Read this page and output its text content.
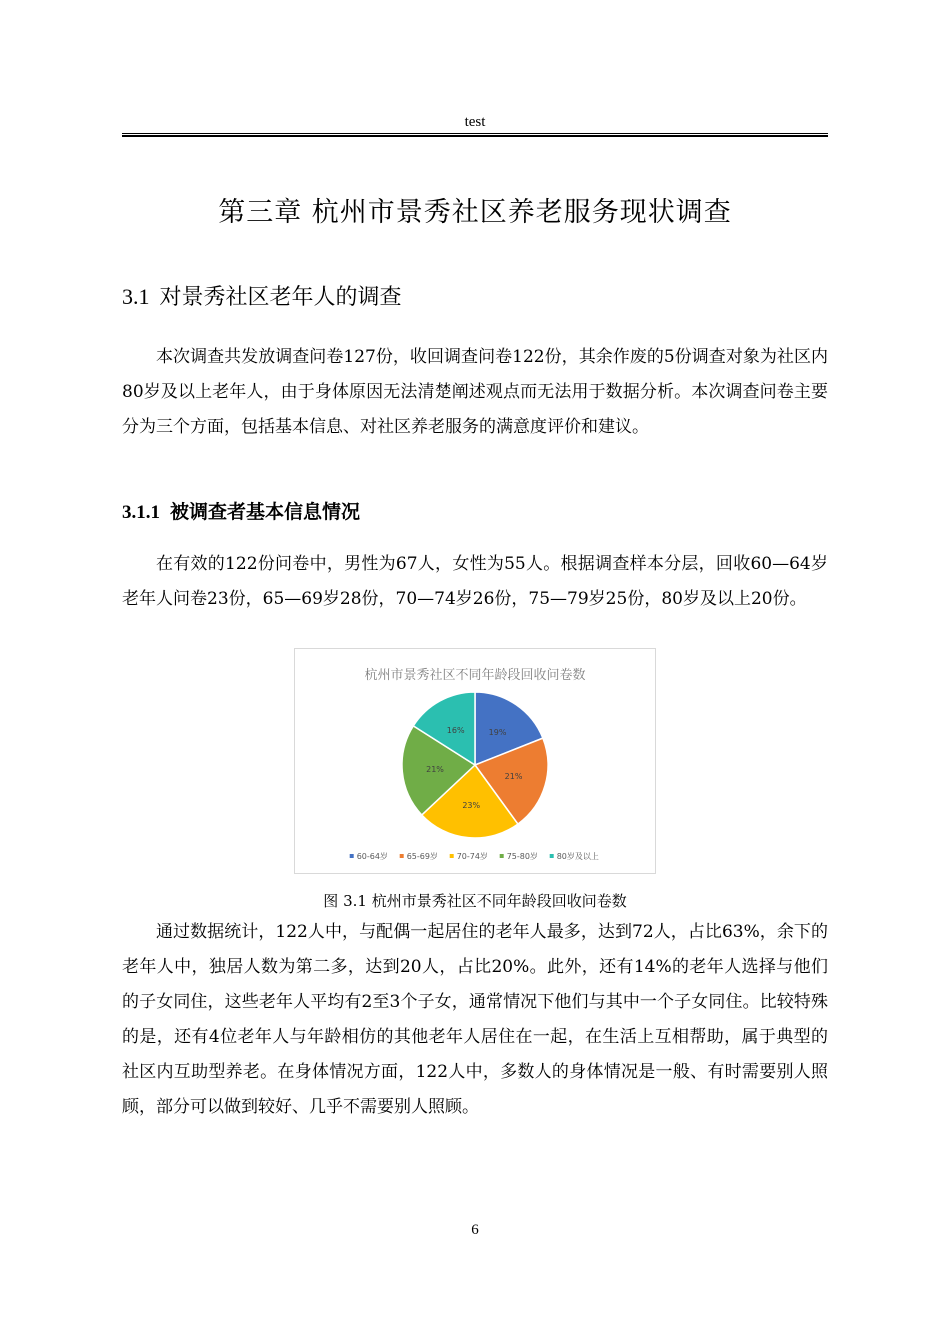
test
第三章 杭州市景秀社区养老服务现状调查
3.1 对景秀社区老年人的调查
本次调查共发放调查问卷127份，收回调查问卷122份，其余作废的5份调查对象为社区内80岁及以上老年人，由于身体原因无法清楚阐述观点而无法用于数据分析。本次调查问卷主要分为三个方面，包括基本信息、对社区养老服务的满意度评价和建议。
3.1.1 被调查者基本信息情况
在有效的122份问卷中，男性为67人，女性为55人。根据调查样本分层，回收60—64岁老年人问卷23份，65—69岁28份，70—74岁26份，75—79岁25份，80岁及以上20份。
杭州市景秀社区不同年龄段回收问卷数
19%
21%
23%
21%
16%
60-64岁 65-69岁 70-74岁 75-80岁 80岁及以上
图 3.1 杭州市景秀社区不同年龄段回收问卷数
通过数据统计，122人中，与配偶一起居住的老年人最多，达到72人，占比63%，余下的老年人中，独居人数为第二多，达到20人，占比20%。此外，还有14%的老年人选择与他们的子女同住，这些老年人平均有2至3个子女，通常情况下他们与其中一个子女同住。比较特殊的是，还有4位老年人与年龄相仿的其他老年人居住在一起，在生活上互相帮助，属于典型的社区内互助型养老。在身体情况方面，122人中，多数人的身体情况是一般、有时需要别人照顾，部分可以做到较好、几乎不需要别人照顾。
6
